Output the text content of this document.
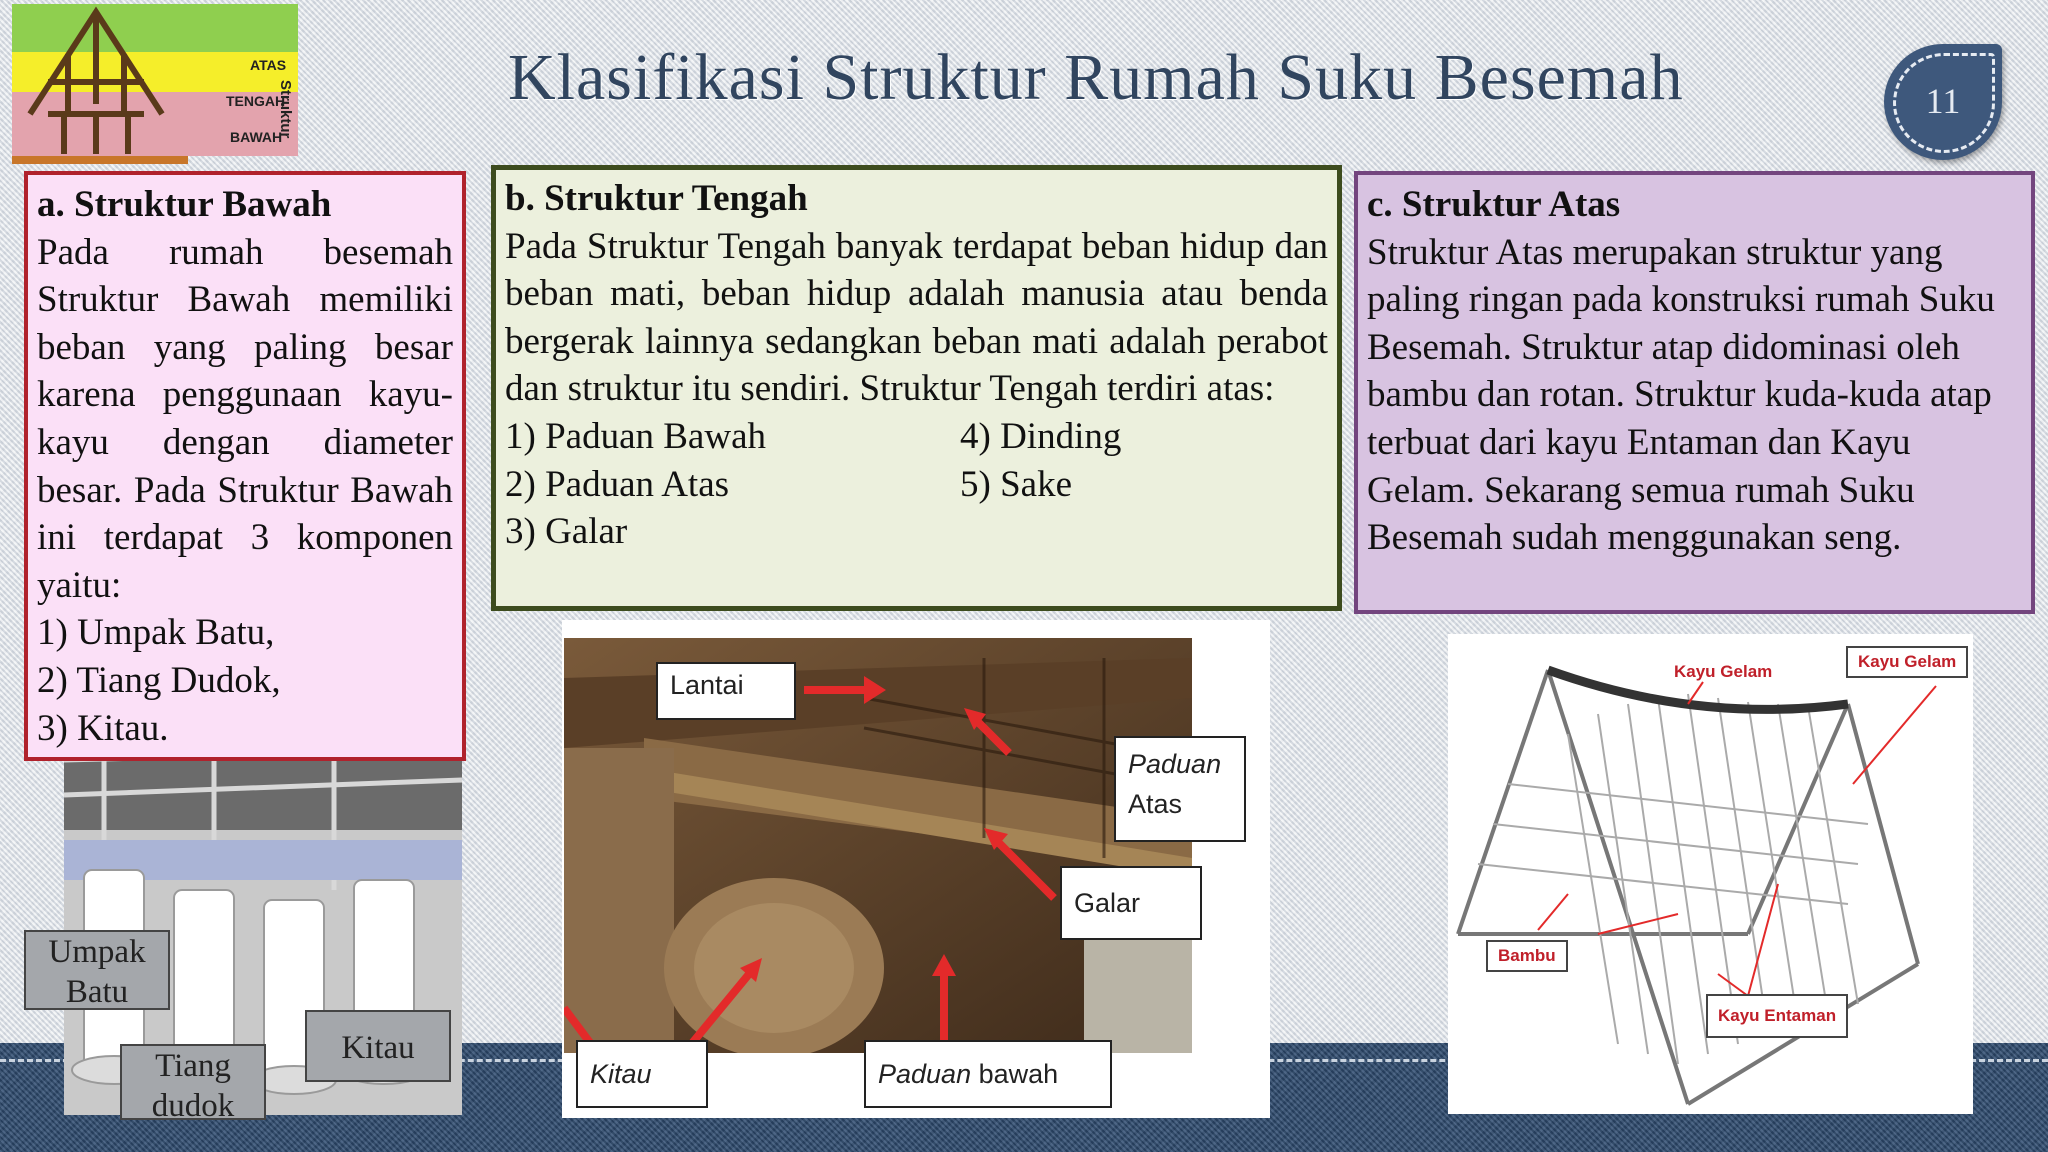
ATAS
TENGAH
BAWAH
Struktur	Klasifikasi Struktur Rumah Suku Besemah	11
Umpak Batu
Tiang dudok
Kitau
a. Struktur Bawah

Pada rumah besemah Struktur Bawah memiliki beban yang paling besar karena penggunaan kayu-kayu dengan diameter besar. Pada Struktur Bawah ini terdapat 3 komponen yaitu:

1) Umpak Batu,

2) Tiang Dudok,

3) Kitau.

b. Struktur Tengah

Pada Struktur Tengah banyak terdapat beban hidup dan beban mati, beban hidup adalah manusia atau benda bergerak lainnya sedangkan beban mati adalah perabot dan struktur itu sendiri. Struktur Tengah terdiri atas:

1) Paduan Bawah	4) Dinding
2) Paduan Atas	5) Sake
3) Galar
c. Struktur Atas

Struktur Atas merupakan struktur yang paling ringan pada konstruksi rumah Suku Besemah. Struktur atap didominasi oleh bambu dan rotan. Struktur kuda-kuda atap terbuat dari kayu Entaman dan Kayu Gelam. Sekarang semua rumah Suku Besemah sudah menggunakan seng.

Lantai
Paduan
Atas
Galar
Kitau	Paduan bawah
Kayu Gelam
Kayu Gelam
Bambu
Kayu Entaman
